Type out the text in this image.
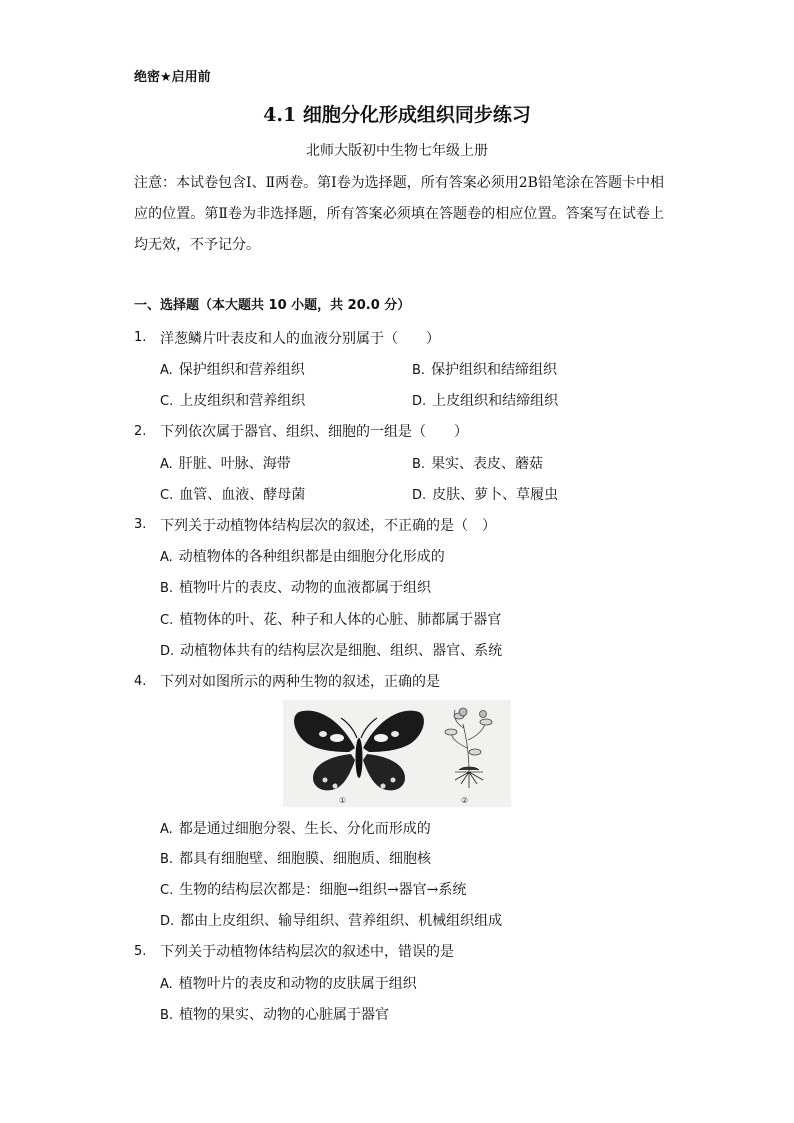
绝密★启用前
4.1 细胞分化形成组织同步练习
北师大版初中生物七年级上册
注意：本试卷包含Ⅰ、Ⅱ两卷。第Ⅰ卷为选择题，所有答案必须用2B铅笔涂在答题卡中相应的位置。第Ⅱ卷为非选择题，所有答案必须填在答题卷的相应位置。答案写在试卷上均无效，不予记分。
一、选择题（本大题共 10 小题，共 20.0 分）
1. 洋葱鳞片叶表皮和人的血液分别属于（　　）
A. 保护组织和营养组织	B. 保护组织和结缔组织
C. 上皮组织和营养组织	D. 上皮组织和结缔组织
2. 下列依次属于器官、组织、细胞的一组是（　　）
A. 肝脏、叶脉、海带	B. 果实、表皮、蘑菇
C. 血管、血液、酵母菌	D. 皮肤、萝卜、草履虫
3. 下列关于动植物体结构层次的叙述，不正确的是（　）
A. 动植物体的各种组织都是由细胞分化形成的
B. 植物叶片的表皮、动物的血液都属于组织
C. 植物体的叶、花、种子和人体的心脏、肺都属于器官
D. 动植物体共有的结构层次是细胞、组织、器官、系统
4. 下列对如图所示的两种生物的叙述，正确的是
①	②
A. 都是通过细胞分裂、生长、分化而形成的
B. 都具有细胞壁、细胞膜、细胞质、细胞核
C. 生物的结构层次都是：细胞→组织→器官→系统
D. 都由上皮组织、输导组织、营养组织、机械组织组成
5. 下列关于动植物体结构层次的叙述中，错误的是
A. 植物叶片的表皮和动物的皮肤属于组织
B. 植物的果实、动物的心脏属于器官
